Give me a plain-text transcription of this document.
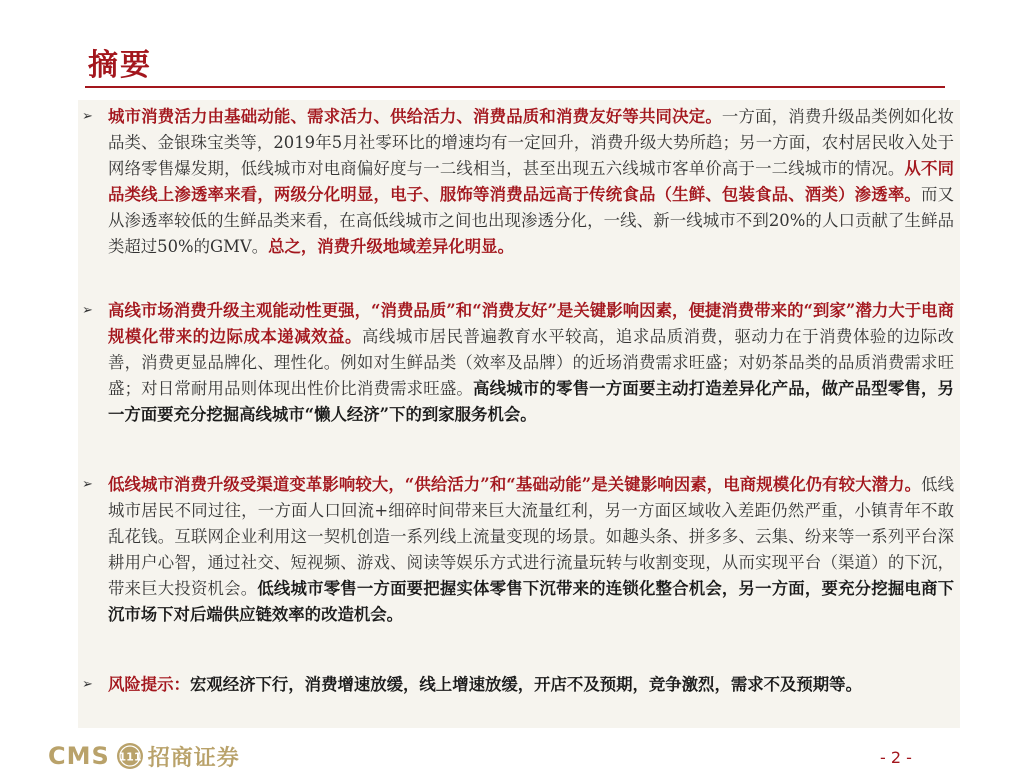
摘要
➢ 城市消费活力由基础动能、需求活力、供给活力、消费品质和消费友好等共同决定。一方面，消费升级品类例如化妆品类、金银珠宝类等，2019年5月社零环比的增速均有一定回升，消费升级大势所趋；另一方面，农村居民收入处于网络零售爆发期，低线城市对电商偏好度与一二线相当，甚至出现五六线城市客单价高于一二线城市的情况。从不同品类线上渗透率来看，两级分化明显，电子、服饰等消费品远高于传统食品（生鲜、包装食品、酒类）渗透率。而又从渗透率较低的生鲜品类来看，在高低线城市之间也出现渗透分化，一线、新一线城市不到20%的人口贡献了生鲜品类超过50%的GMV。总之，消费升级地域差异化明显。
➢ 高线市场消费升级主观能动性更强，“消费品质”和“消费友好”是关键影响因素，便捷消费带来的“到家”潜力大于电商规模化带来的边际成本递减效益。高线城市居民普遍教育水平较高，追求品质消费，驱动力在于消费体验的边际改善，消费更显品牌化、理性化。例如对生鲜品类（效率及品牌）的近场消费需求旺盛；对奶茶品类的品质消费需求旺盛；对日常耐用品则体现出性价比消费需求旺盛。高线城市的零售一方面要主动打造差异化产品，做产品型零售，另一方面要充分挖掘高线城市“懒人经济”下的到家服务机会。
➢ 低线城市消费升级受渠道变革影响较大，“供给活力”和“基础动能”是关键影响因素，电商规模化仍有较大潜力。低线城市居民不同过往，一方面人口回流+细碎时间带来巨大流量红利，另一方面区域收入差距仍然严重，小镇青年不敢乱花钱。互联网企业利用这一契机创造一系列线上流量变现的场景。如趣头条、拼多多、云集、纷来等一系列平台深耕用户心智，通过社交、短视频、游戏、阅读等娱乐方式进行流量玩转与收割变现，从而实现平台（渠道）的下沉，带来巨大投资机会。低线城市零售一方面要把握实体零售下沉带来的连锁化整合机会，另一方面，要充分挖掘电商下沉市场下对后端供应链效率的改造机会。
➢ 风险提示：宏观经济下行，消费增速放缓，线上增速放缓，开店不及预期，竞争激烈，需求不及预期等。
CMS 111 招商证券	- 2 -
